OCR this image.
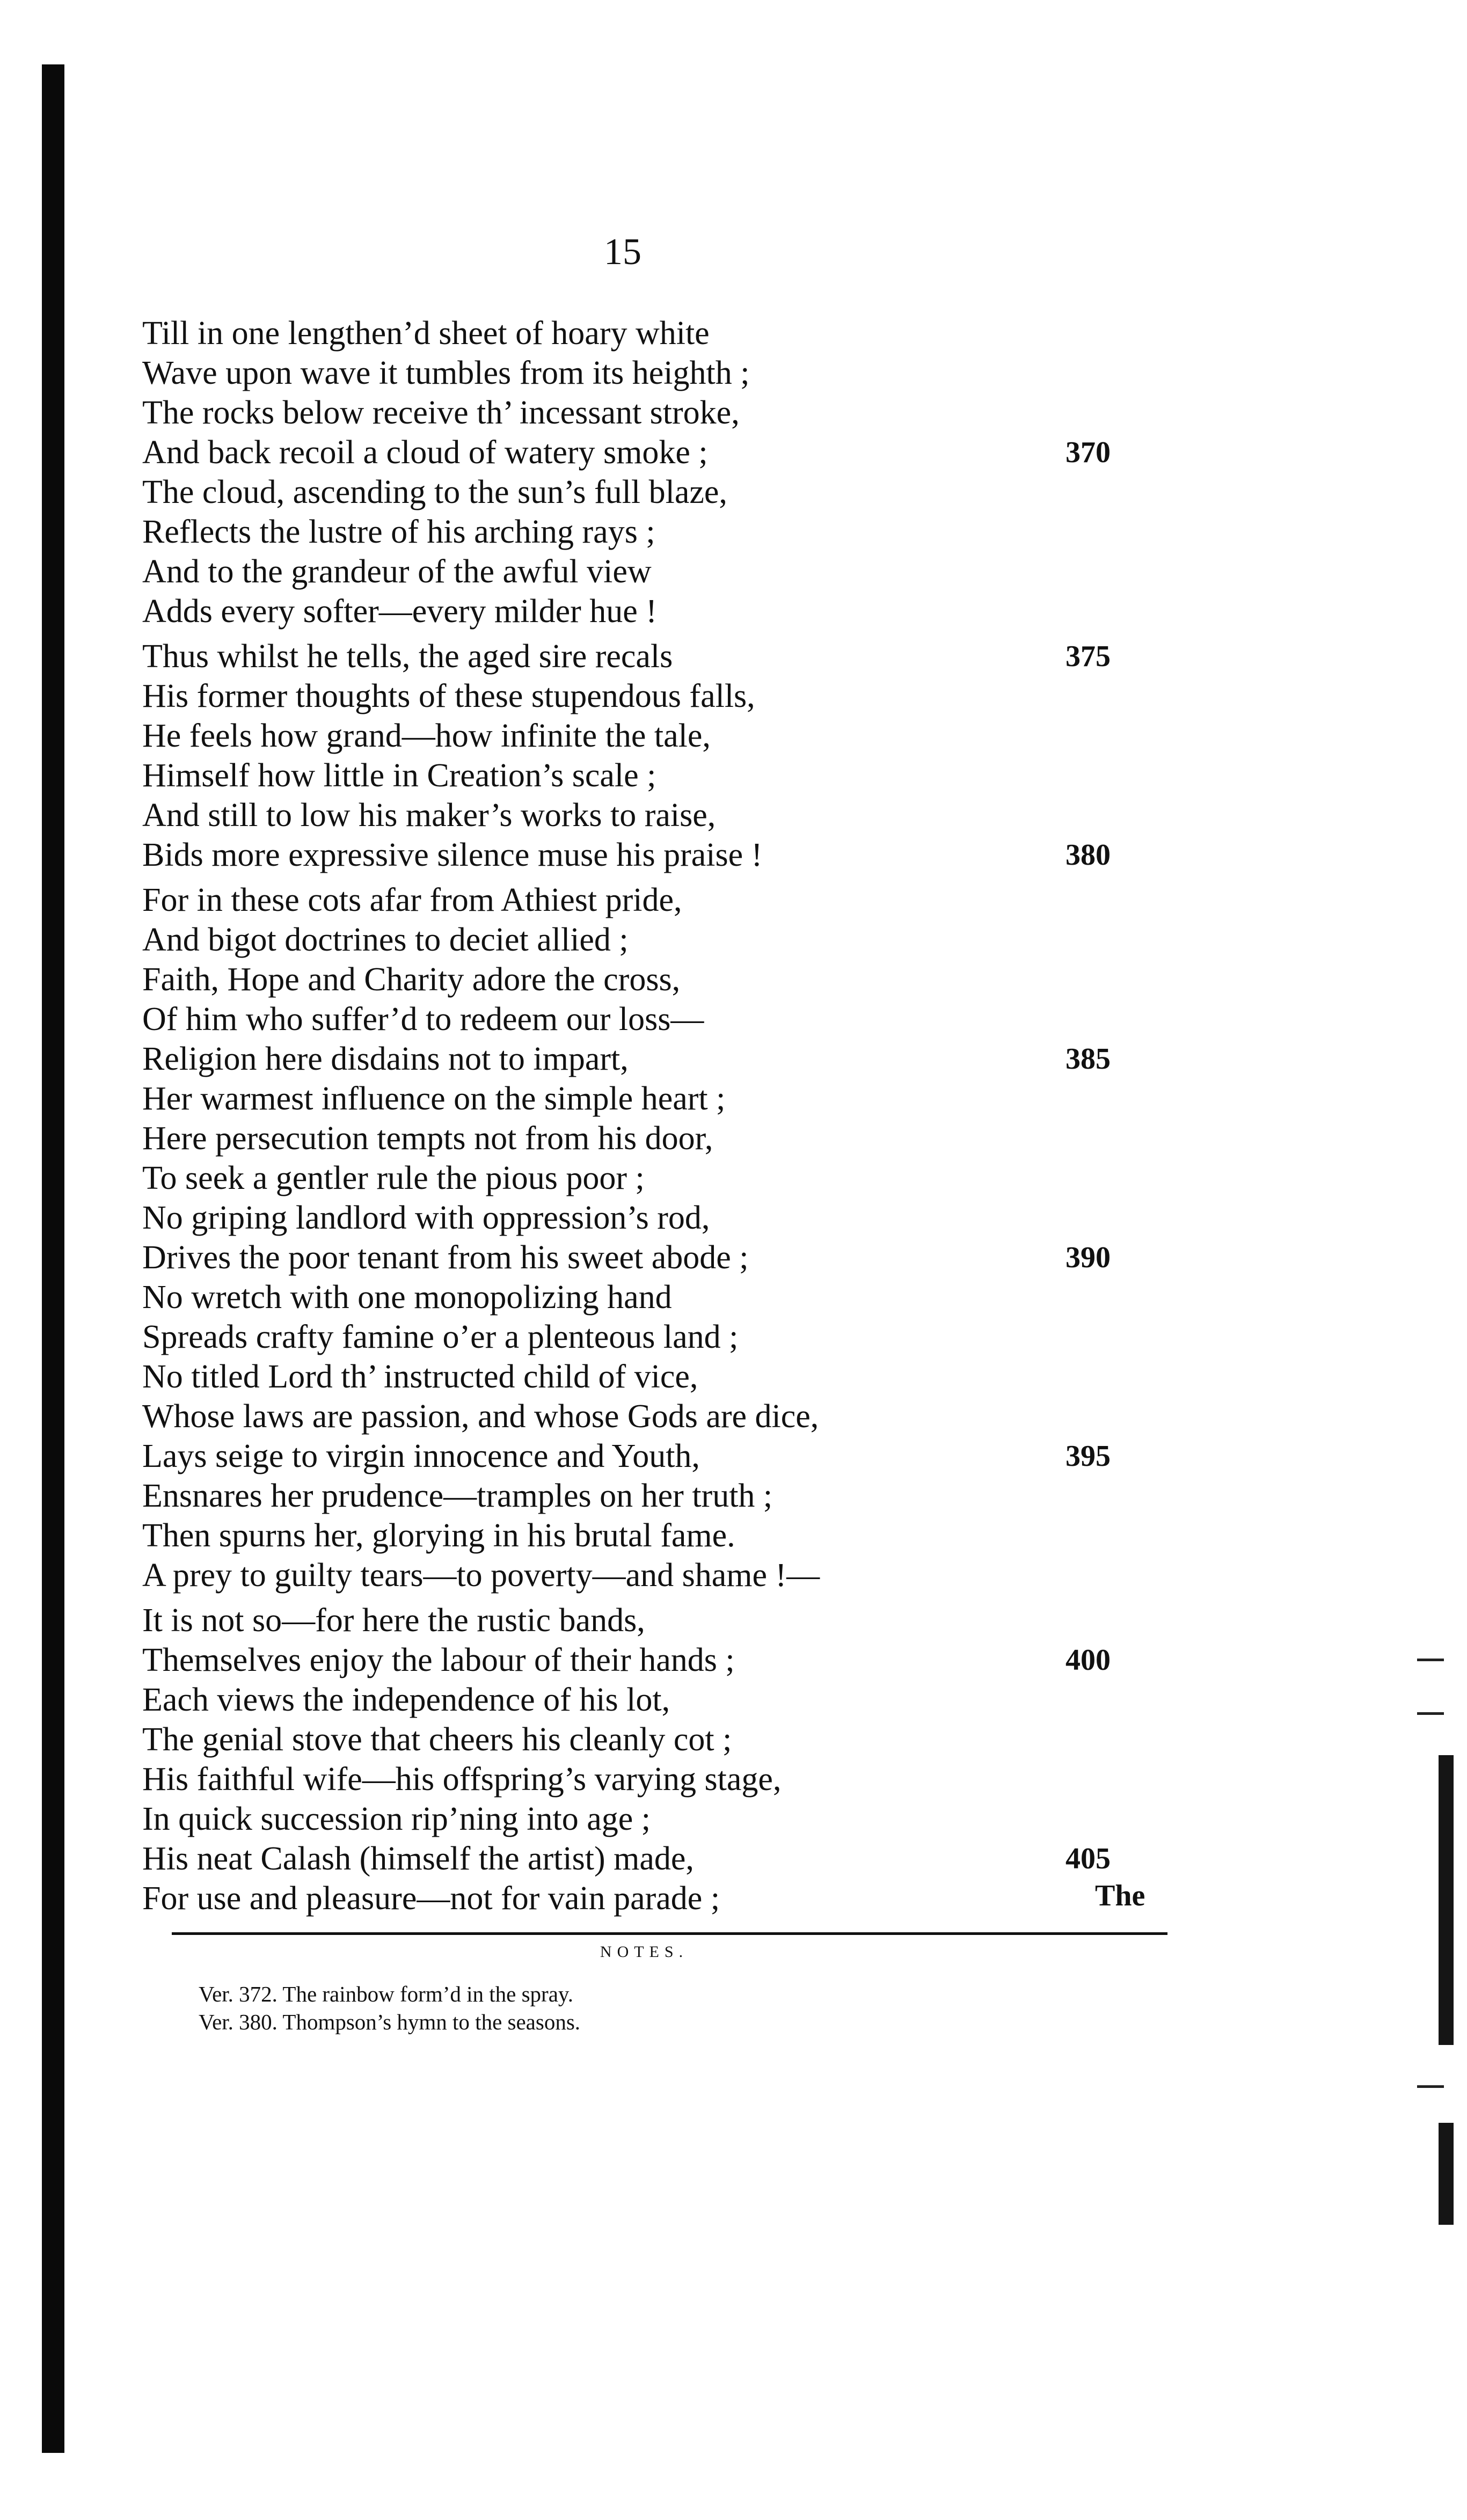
15
Till in one lengthen’d sheet of hoary white
Wave upon wave it tumbles from its heighth ;
The rocks below receive th’ incessant stroke,
And back recoil a cloud of watery smoke ;
The cloud, ascending to the sun’s full blaze,
Reflects the lustre of his arching rays ;
And to the grandeur of the awful view
Adds every softer—every milder hue !
Thus whilst he tells, the aged sire recals
His former thoughts of these stupendous falls,
He feels how grand—how infinite the tale,
Himself how little in Creation’s scale ;
And still to low his maker’s works to raise,
Bids more expressive silence muse his praise !
For in these cots afar from Athiest pride,
And bigot doctrines to deciet allied ;
Faith, Hope and Charity adore the cross,
Of him who suffer’d to redeem our loss—
Religion here disdains not to impart,
Her warmest influence on the simple heart ;
Here persecution tempts not from his door,
To seek a gentler rule the pious poor ;
No griping landlord with oppression’s rod,
Drives the poor tenant from his sweet abode ;
No wretch with one monopolizing hand
Spreads crafty famine o’er a plenteous land ;
No titled Lord th’ instructed child of vice,
Whose laws are passion, and whose Gods are dice,
Lays seige to virgin innocence and Youth,
Ensnares her prudence—tramples on her truth ;
Then spurns her, glorying in his brutal fame.
A prey to guilty tears—to poverty—and shame !—
It is not so—for here the rustic bands,
Themselves enjoy the labour of their hands ;
Each views the independence of his lot,
The genial stove that cheers his cleanly cot ;
His faithful wife—his offspring’s varying stage,
In quick succession rip’ning into age ;
His neat Calash (himself the artist) made,
For use and pleasure—not for vain parade ;
370
375
380
385
390
395
400
405
The
NOTES.
Ver. 372. The rainbow form’d in the spray.
Ver. 380. Thompson’s hymn to the seasons.
